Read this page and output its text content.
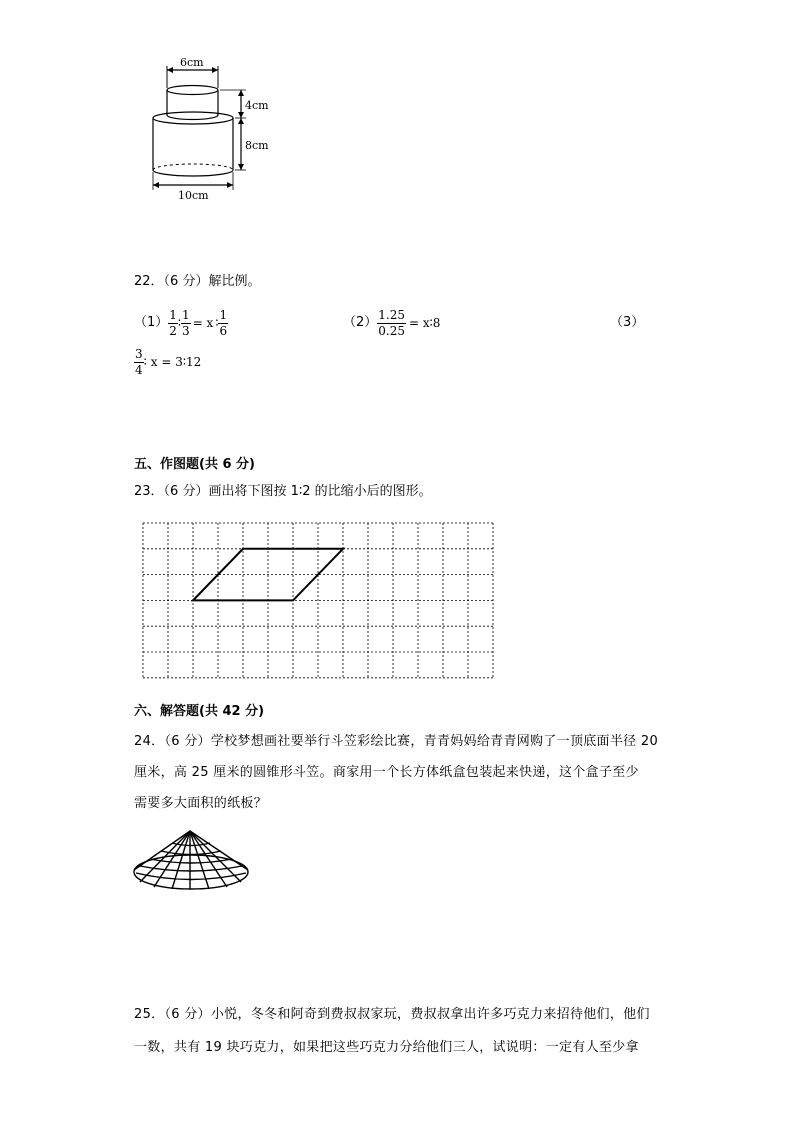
6cm
4cm
8cm
10cm
22．（6 分）解比例。
$(1) \frac{1}{2}$ ∶ $\frac{1}{3} = x$ ∶ $\frac{1}{6}$	$(2) \frac{1.25}{0.25}$ = x∶8	（3）
$\frac{3}{4}$ ∶ x = 3∶12
五、作图题(共 6 分)
23．（6 分）画出将下图按 1∶2 的比缩小后的图形。
六、解答题(共 42 分)
24．（6 分）学校梦想画社要举行斗笠彩绘比赛，青青妈妈给青青网购了一顶底面半径 20
厘米，高 25 厘米的圆锥形斗笠。商家用一个长方体纸盒包装起来快递，这个盒子至少
需要多大面积的纸板？
25．（6 分）小悦，冬冬和阿奇到费叔叔家玩，费叔叔拿出许多巧克力来招待他们，他们
一数，共有 19 块巧克力，如果把这些巧克力分给他们三人，试说明：一定有人至少拿
